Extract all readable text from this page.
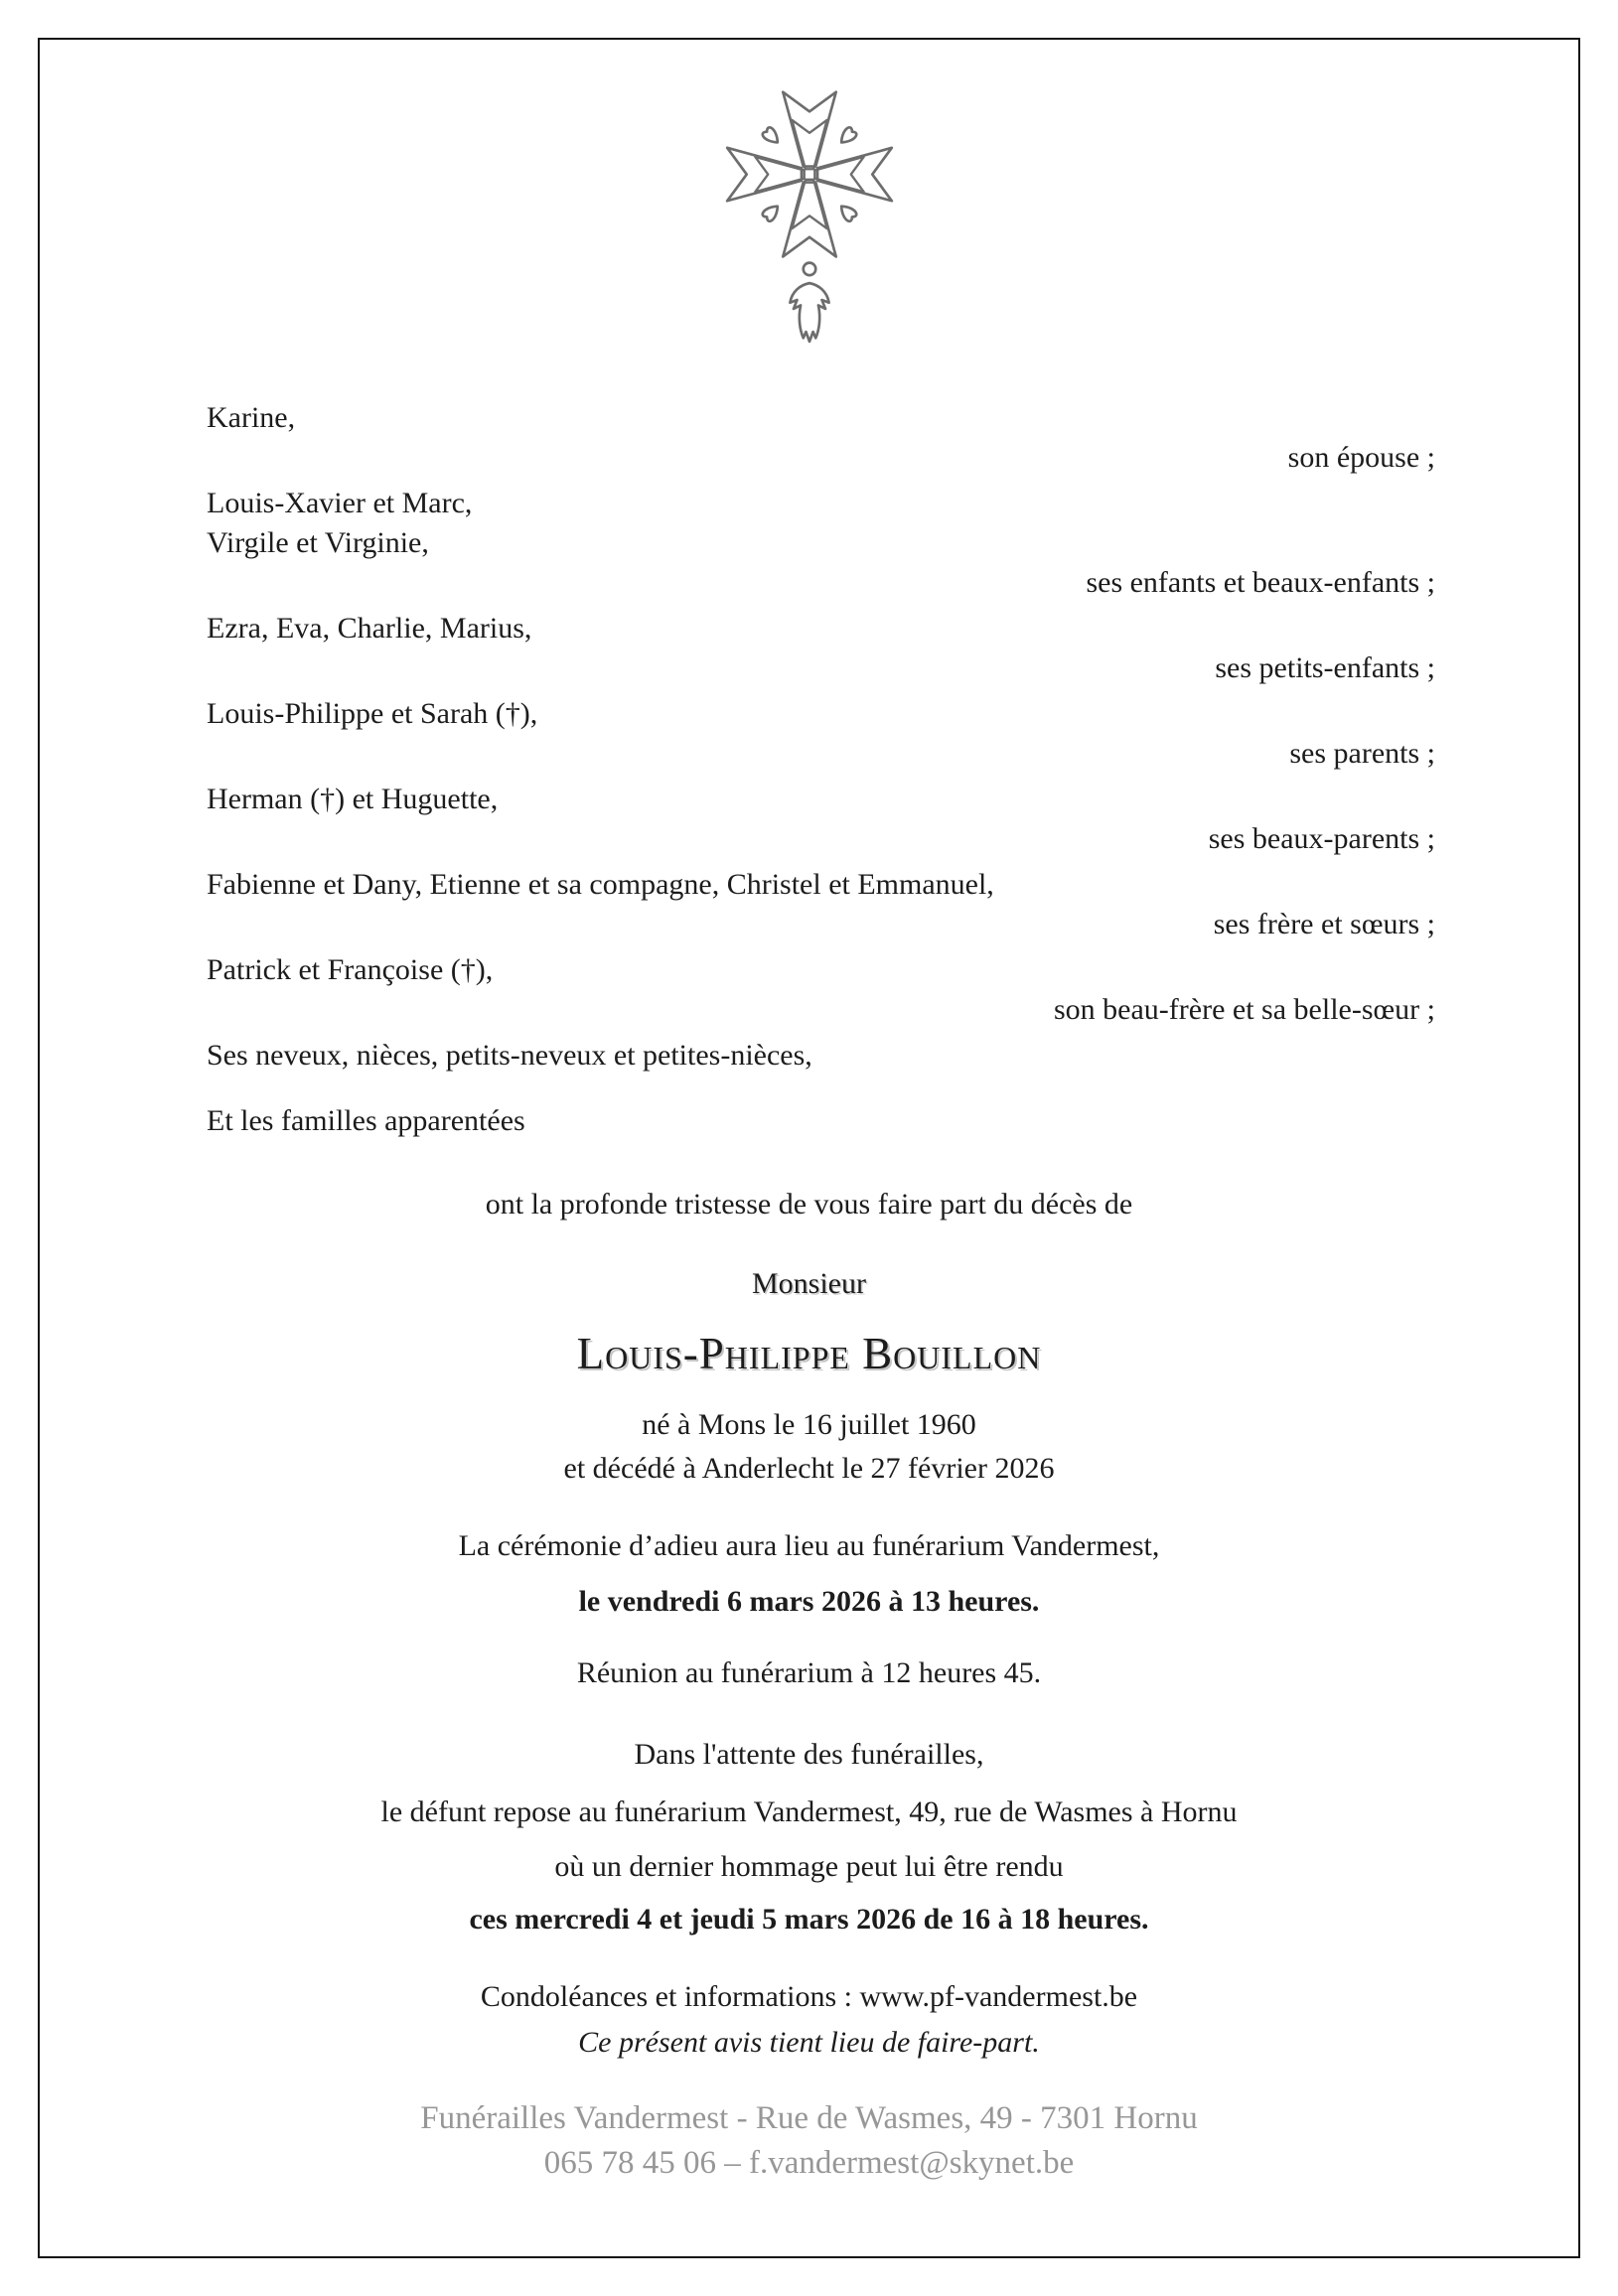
Karine,
son épouse ;
Louis-Xavier et Marc,
Virgile et Virginie,
ses enfants et beaux-enfants ;
Ezra, Eva, Charlie, Marius,
ses petits-enfants ;
Louis-Philippe et Sarah (†),
ses parents ;
Herman (†) et Huguette,
ses beaux-parents ;
Fabienne et Dany, Etienne et sa compagne, Christel et Emmanuel,
ses frère et sœurs ;
Patrick et Françoise (†),
son beau-frère et sa belle-sœur ;
Ses neveux, nièces, petits-neveux et petites-nièces,
Et les familles apparentées
ont la profonde tristesse de vous faire part du décès de
Monsieur
Louis-Philippe Bouillon
né à Mons le 16 juillet 1960
et décédé à Anderlecht le 27 février 2026
La cérémonie d’adieu aura lieu au funérarium Vandermest,
le vendredi 6 mars 2026 à 13 heures.
Réunion au funérarium à 12 heures 45.
Dans l'attente des funérailles,
le défunt repose au funérarium Vandermest, 49, rue de Wasmes à Hornu
où un dernier hommage peut lui être rendu
ces mercredi 4 et jeudi 5 mars 2026 de 16 à 18 heures.
Condoléances et informations : www.pf-vandermest.be
Ce présent avis tient lieu de faire-part.
Funérailles Vandermest - Rue de Wasmes, 49 - 7301 Hornu
065 78 45 06 – f.vandermest@skynet.be
